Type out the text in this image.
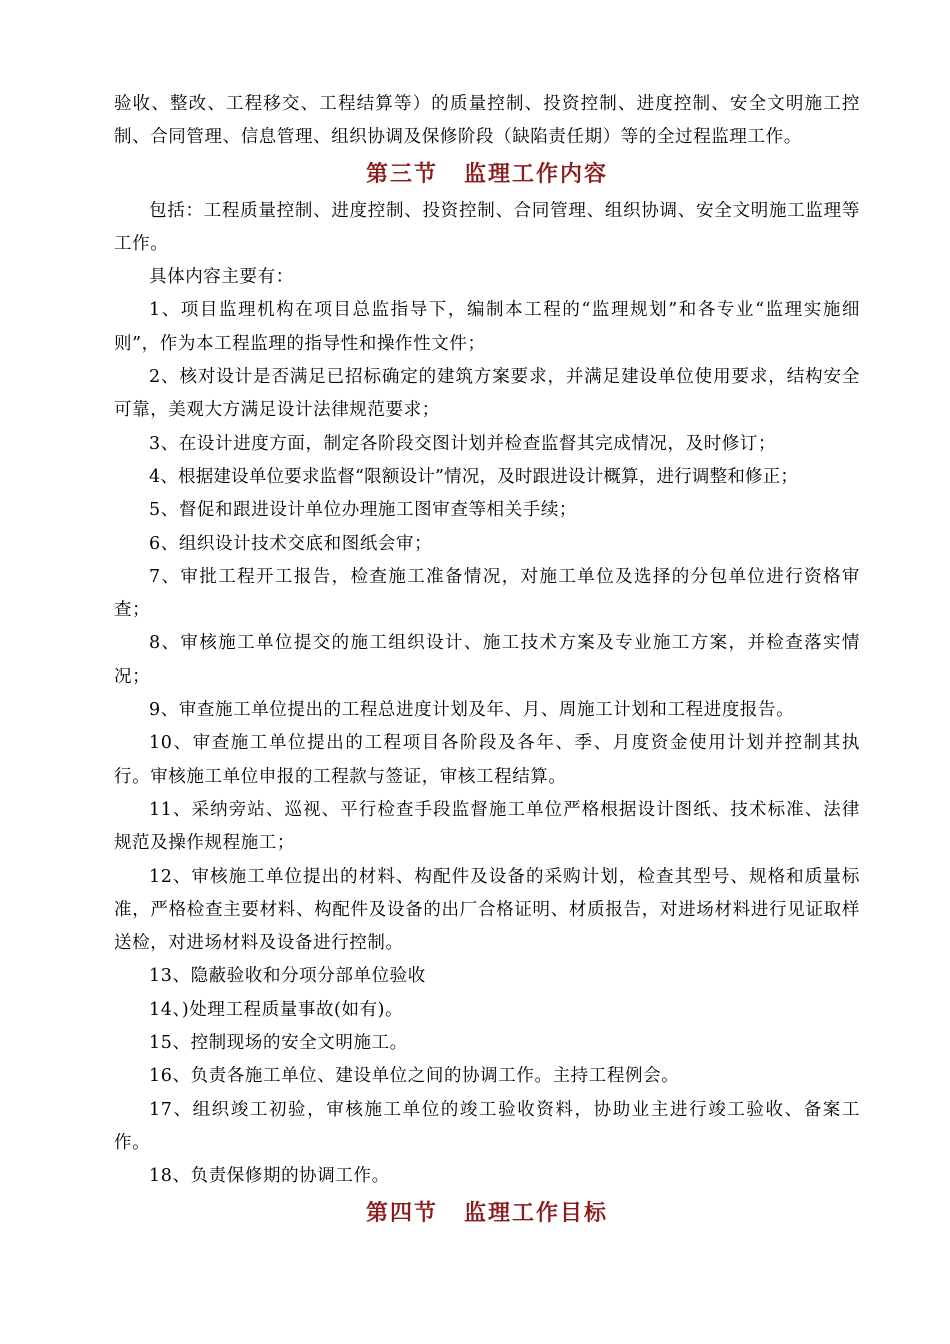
验收、整改、工程移交、工程结算等）的质量控制、投资控制、进度控制、安全文明施工控制、合同管理、信息管理、组织协调及保修阶段（缺陷责任期）等的全过程监理工作。

第三节 监理工作内容

包括：工程质量控制、进度控制、投资控制、合同管理、组织协调、安全文明施工监理等工作。

具体内容主要有：

1、项目监理机构在项目总监指导下，编制本工程的“监理规划”和各专业“监理实施细则”，作为本工程监理的指导性和操作性文件；

2、核对设计是否满足已招标确定的建筑方案要求，并满足建设单位使用要求，结构安全可靠，美观大方满足设计法律规范要求；

3、在设计进度方面，制定各阶段交图计划并检查监督其完成情况，及时修订；

4、根据建设单位要求监督“限额设计”情况，及时跟进设计概算，进行调整和修正；

5、督促和跟进设计单位办理施工图审查等相关手续；

6、组织设计技术交底和图纸会审；

7、审批工程开工报告，检查施工准备情况，对施工单位及选择的分包单位进行资格审查；

8、审核施工单位提交的施工组织设计、施工技术方案及专业施工方案，并检查落实情况；

9、审查施工单位提出的工程总进度计划及年、月、周施工计划和工程进度报告。

10、审查施工单位提出的工程项目各阶段及各年、季、月度资金使用计划并控制其执行。审核施工单位申报的工程款与签证，审核工程结算。

11、采纳旁站、巡视、平行检查手段监督施工单位严格根据设计图纸、技术标准、法律规范及操作规程施工；

12、审核施工单位提出的材料、构配件及设备的采购计划，检查其型号、规格和质量标准，严格检查主要材料、构配件及设备的出厂合格证明、材质报告，对进场材料进行见证取样送检，对进场材料及设备进行控制。

13、隐蔽验收和分项分部单位验收

14、)处理工程质量事故(如有)。

15、控制现场的安全文明施工。

16、负责各施工单位、建设单位之间的协调工作。主持工程例会。

17、组织竣工初验，审核施工单位的竣工验收资料，协助业主进行竣工验收、备案工作。

18、负责保修期的协调工作。

第四节 监理工作目标
